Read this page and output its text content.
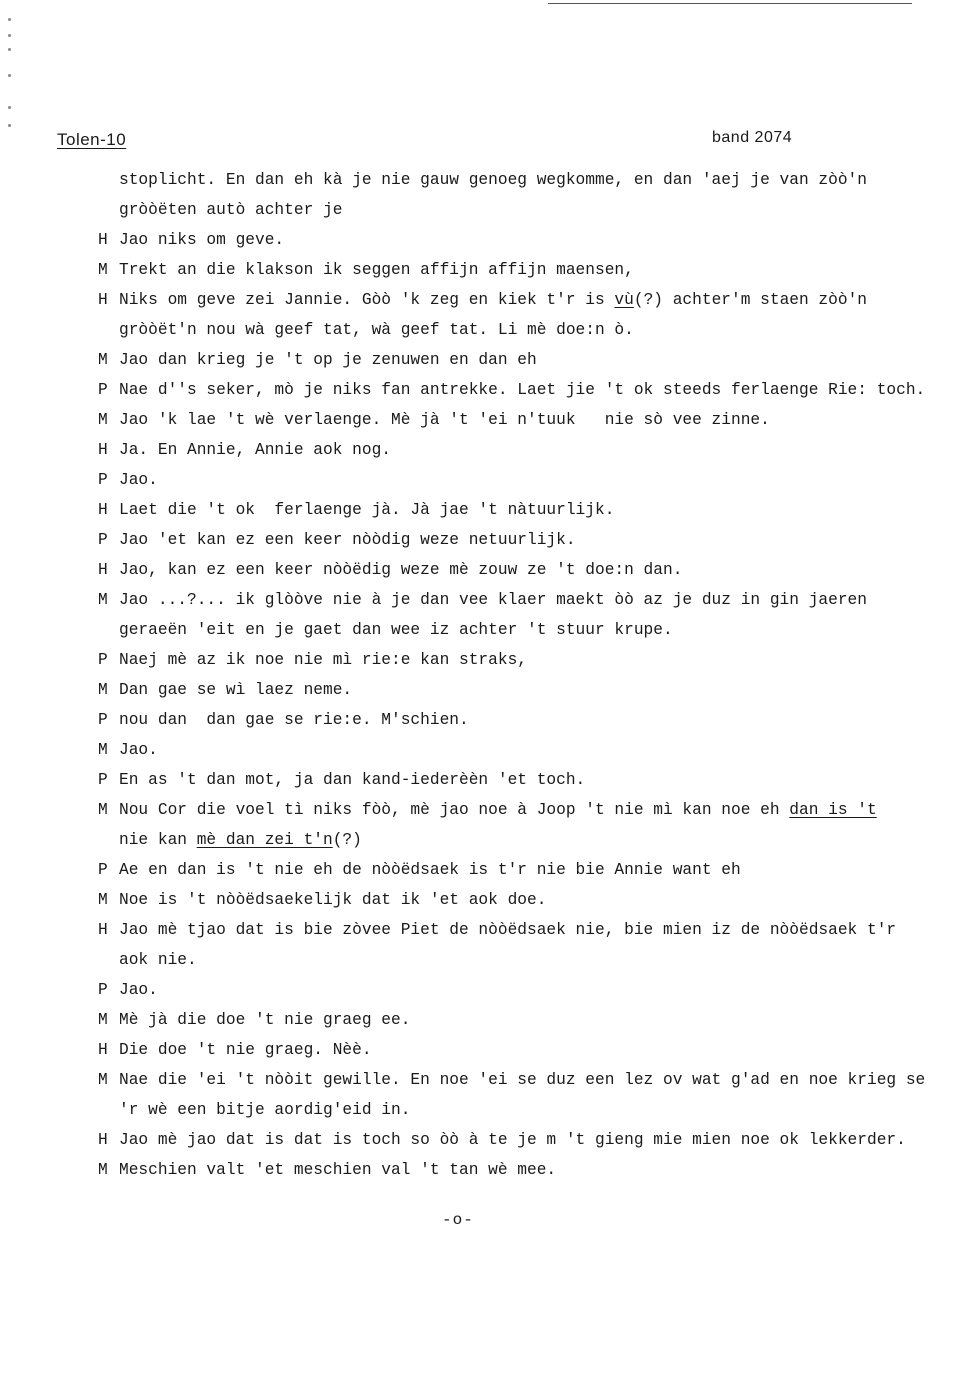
Tolen-10	band 2074
stoplicht. En dan eh kà je nie gauw genoeg wegkomme, en dan 'aej je van zòò'n
gròòëten autò achter je
H Jao niks om geve.
M Trekt an die klakson ik seggen affijn affijn maensen,
H Niks om geve zei Jannie. Gòò 'k zeg en kiek t'r is vù(?) achter'm staen zòò'n
gròòët'n nou wà geef tat, wà geef tat. Li mè doe:n ò.
M Jao dan krieg je 't op je zenuwen en dan eh
P Nae d''s seker, mò je niks fan antrekke. Laet jie 't ok steeds ferlaenge Rie: toch.
M Jao 'k lae 't wè verlaenge. Mè jà 't 'ei n'tuuk   nie sò vee zinne.
H Ja. En Annie, Annie aok nog.
P Jao.
H Laet die 't ok  ferlaenge jà. Jà jae 't nàtuurlijk.
P Jao 'et kan ez een keer nòòdig weze netuurlijk.
H Jao, kan ez een keer nòòëdig weze mè zouw ze 't doe:n dan.
M Jao ...?... ik glòòve nie à je dan vee klaer maekt òò az je duz in gin jaeren
geraeën 'eit en je gaet dan wee iz achter 't stuur krupe.
P Naej mè az ik noe nie mì rie:e kan straks,
M Dan gae se wì laez neme.
P nou dan  dan gae se rie:e. M'schien.
M Jao.
P En as 't dan mot, ja dan kand-iederèèn 'et toch.
M Nou Cor die voel tì niks fòò, mè jao noe à Joop 't nie mì kan noe eh dan is 't
nie kan mè dan zei t'n(?)
P Ae en dan is 't nie eh de nòòëdsaek is t'r nie bie Annie want eh
M Noe is 't nòòëdsaekelijk dat ik 'et aok doe.
H Jao mè tjao dat is bie zòvee Piet de nòòëdsaek nie, bie mien iz de nòòëdsaek t'r
aok nie.
P Jao.
M Mè jà die doe 't nie graeg ee.
H Die doe 't nie graeg. Nèè.
M Nae die 'ei 't nòòit gewille. En noe 'ei se duz een lez ov wat g'ad en noe krieg se
'r wè een bitje aordig'eid in.
H Jao mè jao dat is dat is toch so òò à te je m 't gieng mie mien noe ok lekkerder.
M Meschien valt 'et meschien val 't tan wè mee.
-o-
